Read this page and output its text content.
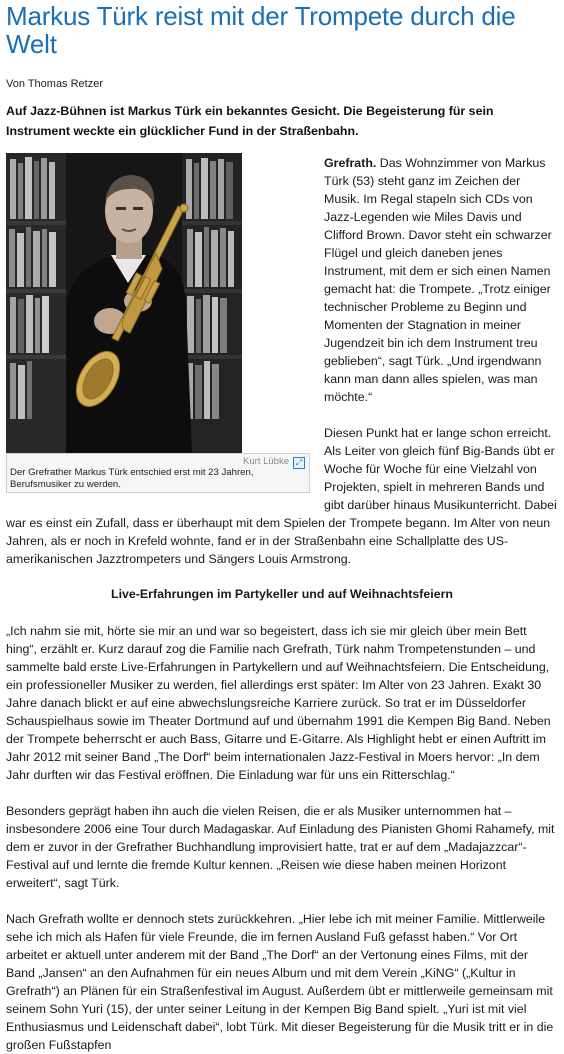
Markus Türk reist mit der Trompete durch die Welt
Von Thomas Retzer
Auf Jazz-Bühnen ist Markus Türk ein bekanntes Gesicht. Die Begeisterung für sein Instrument weckte ein glücklicher Fund in der Straßenbahn.
Kurt Lübke ⤢
Der Grefrather Markus Türk entschied erst mit 23 Jahren, Berufsmusiker zu werden.

Grefrath. Das Wohnzimmer von Markus Türk (53) steht ganz im Zeichen der Musik. Im Regal stapeln sich CDs von Jazz-Legenden wie Miles Davis und Clifford Brown. Davor steht ein schwarzer Flügel und gleich daneben jenes Instrument, mit dem er sich einen Namen gemacht hat: die Trompete. „Trotz einiger technischer Probleme zu Beginn und Momenten der Stagnation in meiner Jugendzeit bin ich dem Instrument treu geblieben“, sagt Türk. „Und irgendwann kann man dann alles spielen, was man möchte.“

Diesen Punkt hat er lange schon erreicht. Als Leiter von gleich fünf Big-Bands übt er Woche für Woche für eine Vielzahl von Projekten, spielt in mehreren Bands und gibt darüber hinaus Musikunterricht. Dabei war es einst ein Zufall, dass er überhaupt mit dem Spielen der Trompete begann. Im Alter von neun Jahren, als er noch in Krefeld wohnte, fand er in der Straßenbahn eine Schallplatte des US-amerikanischen Jazztrompeters und Sängers Louis Armstrong.

Live-Erfahrungen im Partykeller und auf Weihnachtsfeiern

„Ich nahm sie mit, hörte sie mir an und war so begeistert, dass ich sie mir gleich über mein Bett hing“, erzählt er. Kurz darauf zog die Familie nach Grefrath, Türk nahm Trompetenstunden – und sammelte bald erste Live-Erfahrungen in Partykellern und auf Weihnachtsfeiern. Die Entscheidung, ein professioneller Musiker zu werden, fiel allerdings erst später: Im Alter von 23 Jahren. Exakt 30 Jahre danach blickt er auf eine abwechslungsreiche Karriere zurück. So trat er im Düsseldorfer Schauspielhaus sowie im Theater Dortmund auf und übernahm 1991 die Kempen Big Band. Neben der Trompete beherrscht er auch Bass, Gitarre und E-Gitarre. Als Highlight hebt er einen Auftritt im Jahr 2012 mit seiner Band „The Dorf“ beim internationalen Jazz-Festival in Moers hervor: „In dem Jahr durften wir das Festival eröffnen. Die Einladung war für uns ein Ritterschlag.“

Besonders geprägt haben ihn auch die vielen Reisen, die er als Musiker unternommen hat – insbesondere 2006 eine Tour durch Madagaskar. Auf Einladung des Pianisten Ghomi Rahamefy, mit dem er zuvor in der Grefrather Buchhandlung improvisiert hatte, trat er auf dem „Madajazzcar“-Festival auf und lernte die fremde Kultur kennen. „Reisen wie diese haben meinen Horizont erweitert“, sagt Türk.

Nach Grefrath wollte er dennoch stets zurückkehren. „Hier lebe ich mit meiner Familie. Mittlerweile sehe ich mich als Hafen für viele Freunde, die im fernen Ausland Fuß gefasst haben.“ Vor Ort arbeitet er aktuell unter anderem mit der Band „The Dorf“ an der Vertonung eines Films, mit der Band „Jansen“ an den Aufnahmen für ein neues Album und mit dem Verein „KiNG“ („Kultur in Grefrath“) an Plänen für ein Straßenfestival im August. Außerdem übt er mittlerweile gemeinsam mit seinem Sohn Yuri (15), der unter seiner Leitung in der Kempen Big Band spielt. „Yuri ist mit viel Enthusiasmus und Leidenschaft dabei“, lobt Türk. Mit dieser Begeisterung für die Musik tritt er in die großen Fußstapfen
